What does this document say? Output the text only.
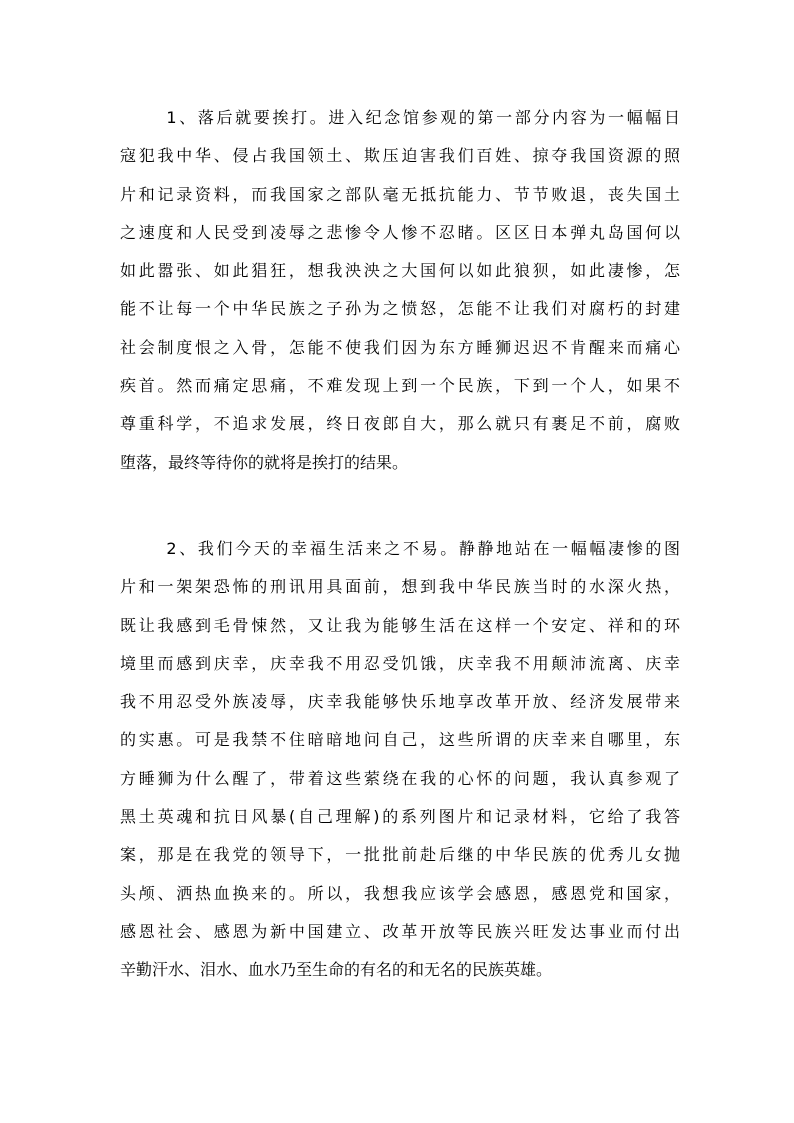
1、落后就要挨打。进入纪念馆参观的第一部分内容为一幅幅日
寇犯我中华、侵占我国领土、欺压迫害我们百姓、掠夺我国资源的照
片和记录资料，而我国家之部队毫无抵抗能力、节节败退，丧失国土
之速度和人民受到凌辱之悲惨令人惨不忍睹。区区日本弹丸岛国何以
如此嚣张、如此猖狂，想我泱泱之大国何以如此狼狈，如此凄惨，怎
能不让每一个中华民族之子孙为之愤怒，怎能不让我们对腐朽的封建
社会制度恨之入骨，怎能不使我们因为东方睡狮迟迟不肯醒来而痛心
疾首。然而痛定思痛，不难发现上到一个民族，下到一个人，如果不
尊重科学，不追求发展，终日夜郎自大，那么就只有裹足不前，腐败
堕落，最终等待你的就将是挨打的结果。
2、我们今天的幸福生活来之不易。静静地站在一幅幅凄惨的图
片和一架架恐怖的刑讯用具面前，想到我中华民族当时的水深火热，
既让我感到毛骨悚然，又让我为能够生活在这样一个安定、祥和的环
境里而感到庆幸，庆幸我不用忍受饥饿，庆幸我不用颠沛流离、庆幸
我不用忍受外族凌辱，庆幸我能够快乐地享改革开放、经济发展带来
的实惠。可是我禁不住暗暗地问自己，这些所谓的庆幸来自哪里，东
方睡狮为什么醒了，带着这些萦绕在我的心怀的问题，我认真参观了
黑土英魂和抗日风暴(自己理解)的系列图片和记录材料，它给了我答
案，那是在我党的领导下，一批批前赴后继的中华民族的优秀儿女抛
头颅、洒热血换来的。所以，我想我应该学会感恩，感恩党和国家，
感恩社会、感恩为新中国建立、改革开放等民族兴旺发达事业而付出
辛勤汗水、泪水、血水乃至生命的有名的和无名的民族英雄。
